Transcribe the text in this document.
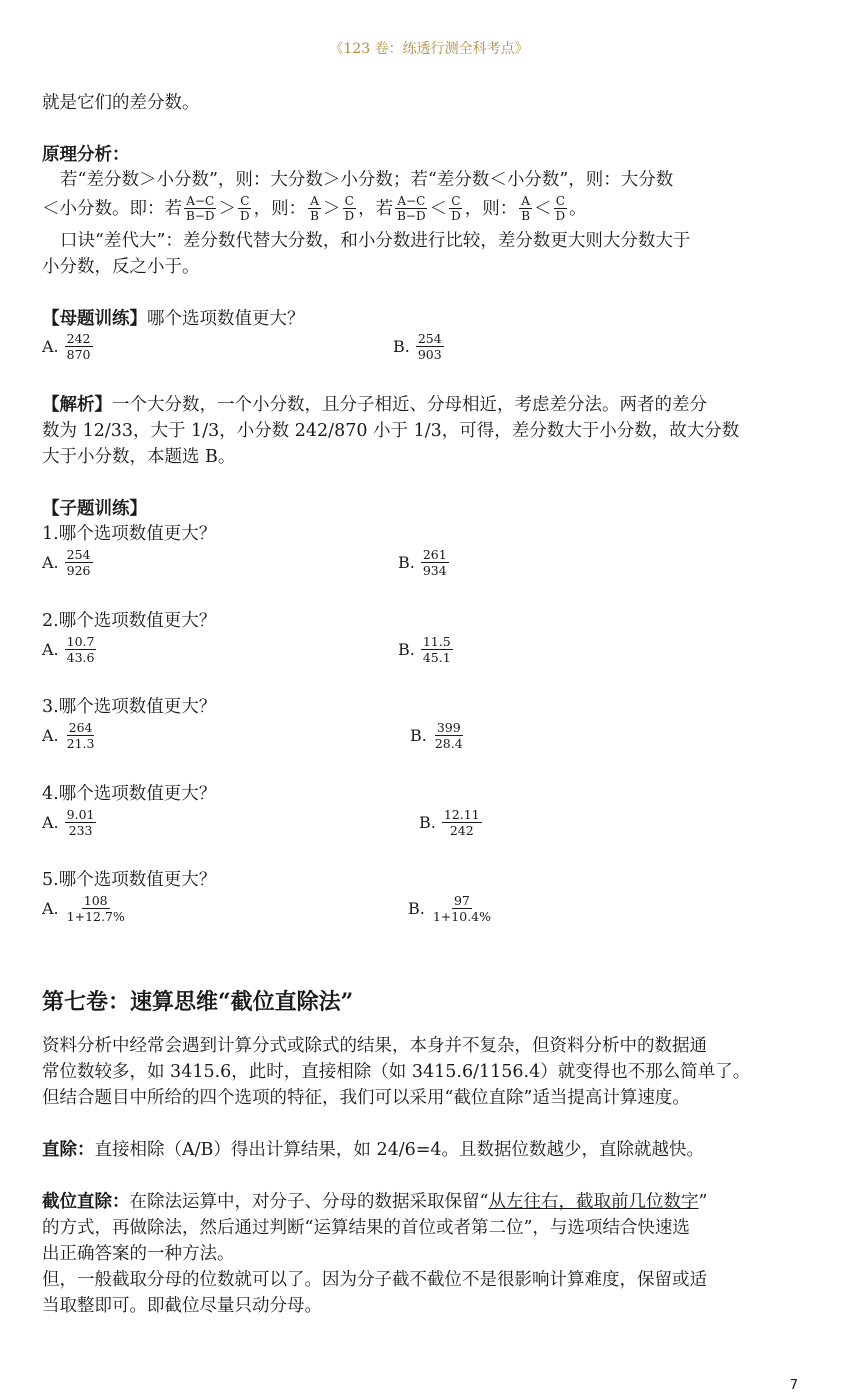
《123 卷：练透行测全科考点》
就是它们的差分数。
原理分析：
若“差分数＞小分数”，则：大分数＞小分数；若“差分数＜小分数”，则：大分数
＜小分数。即：若 $\frac{A-C}{B-D} > \frac{C}{D}$ ，则： $\frac{A}{B} > \frac{C}{D}$ ，若 $\frac{A-C}{B-D} < \frac{C}{D}$ ，则： $\frac{A}{B} < \frac{C}{D}$ 。
口诀“差代大”：差分数代替大分数，和小分数进行比较，差分数更大则大分数大于
小分数，反之小于。
【母题训练】哪个选项数值更大？
A. $\frac{242}{870}$	B. $\frac{254}{903}$
【解析】一个大分数，一个小分数，且分子相近、分母相近，考虑差分法。两者的差分
数为 12/33，大于 1/3，小分数 242/870 小于 1/3，可得，差分数大于小分数，故大分数
大于小分数，本题选 B。
【子题训练】
1.哪个选项数值更大？
A. $\frac{254}{926}$	B. $\frac{261}{934}$
2.哪个选项数值更大？
A. $\frac{10.7}{43.6}$	B. $\frac{11.5}{45.1}$
3.哪个选项数值更大？
A. $\frac{264}{21.3}$	B. $\frac{399}{28.4}$
4.哪个选项数值更大？
A. $\frac{9.01}{233}$	B. $\frac{12.11}{242}$
5.哪个选项数值更大？
A. $\frac{108}{1+12.7\%}$	B. $\frac{97}{1+10.4\%}$
第七卷：速算思维“截位直除法”
资料分析中经常会遇到计算分式或除式的结果，本身并不复杂，但资料分析中的数据通
常位数较多，如 3415.6，此时，直接相除（如 3415.6/1156.4）就变得也不那么简单了。
但结合题目中所给的四个选项的特征，我们可以采用“截位直除”适当提高计算速度。
直除：直接相除（A/B）得出计算结果，如 24/6=4。且数据位数越少，直除就越快。
截位直除：在除法运算中，对分子、分母的数据采取保留“从左往右，截取前几位数字”
的方式，再做除法，然后通过判断“运算结果的首位或者第二位”，与选项结合快速选
出正确答案的一种方法。
但，一般截取分母的位数就可以了。因为分子截不截位不是很影响计算难度，保留或适
当取整即可。即截位尽量只动分母。
7
